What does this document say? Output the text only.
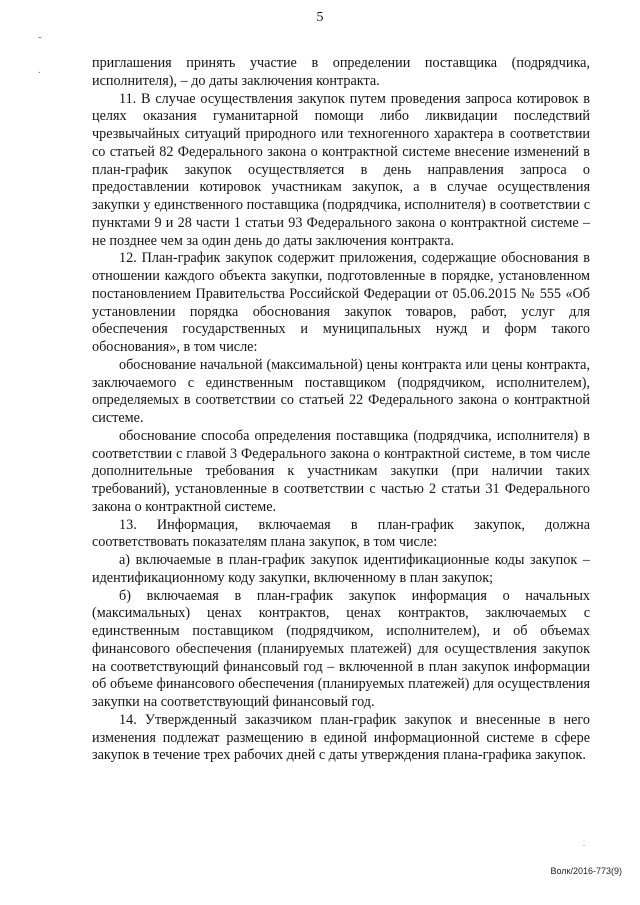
5
-
.
.

приглашения принять участие в определении поставщика (подрядчика, исполнителя), – до даты заключения контракта.

11. В случае осуществления закупок путем проведения запроса котировок в целях оказания гуманитарной помощи либо ликвидации последствий чрезвычайных ситуаций природного или техногенного характера в соответствии со статьей 82 Федерального закона о контрактной системе внесение изменений в план-график закупок осуществляется в день направления запроса о предоставлении котировок участникам закупок, а в случае осуществления закупки у единственного поставщика (подрядчика, исполнителя) в соответствии с пунктами 9 и 28 части 1 статьи 93 Федерального закона о контрактной системе – не позднее чем за один день до даты заключения контракта.

12. План-график закупок содержит приложения, содержащие обоснования в отношении каждого объекта закупки, подготовленные в порядке, установленном постановлением Правительства Российской Федерации от 05.06.2015 № 555 «Об установлении порядка обоснования закупок товаров, работ, услуг для обеспечения государственных и муниципальных нужд и форм такого обоснования», в том числе:

обоснование начальной (максимальной) цены контракта или цены контракта, заключаемого с единственным поставщиком (подрядчиком, исполнителем), определяемых в соответствии со статьей 22 Федерального закона о контрактной системе.

обоснование способа определения поставщика (подрядчика, исполнителя) в соответствии с главой 3 Федерального закона о контрактной системе, в том числе дополнительные требования к участникам закупки (при наличии таких требований), установленные в соответствии с частью 2 статьи 31 Федерального закона о контрактной системе.

13. Информация, включаемая в план-график закупок, должна соответствовать показателям плана закупок, в том числе:

а) включаемые в план-график закупок идентификационные коды закупок – идентификационному коду закупки, включенному в план закупок;

б) включаемая в план-график закупок информация о начальных (максимальных) ценах контрактов, ценах контрактов, заключаемых с единственным поставщиком (подрядчиком, исполнителем), и об объемах финансового обеспечения (планируемых платежей) для осуществления закупок на соответствующий финансовый год – включенной в план закупок информации об объеме финансового обеспечения (планируемых платежей) для осуществления закупки на соответствующий финансовый год.

14. Утвержденный заказчиком план-график закупок и внесенные в него изменения подлежат размещению в единой информационной системе в сфере закупок в течение трех рабочих дней с даты утверждения плана-графика закупок.

Волк/2016-773(9)
